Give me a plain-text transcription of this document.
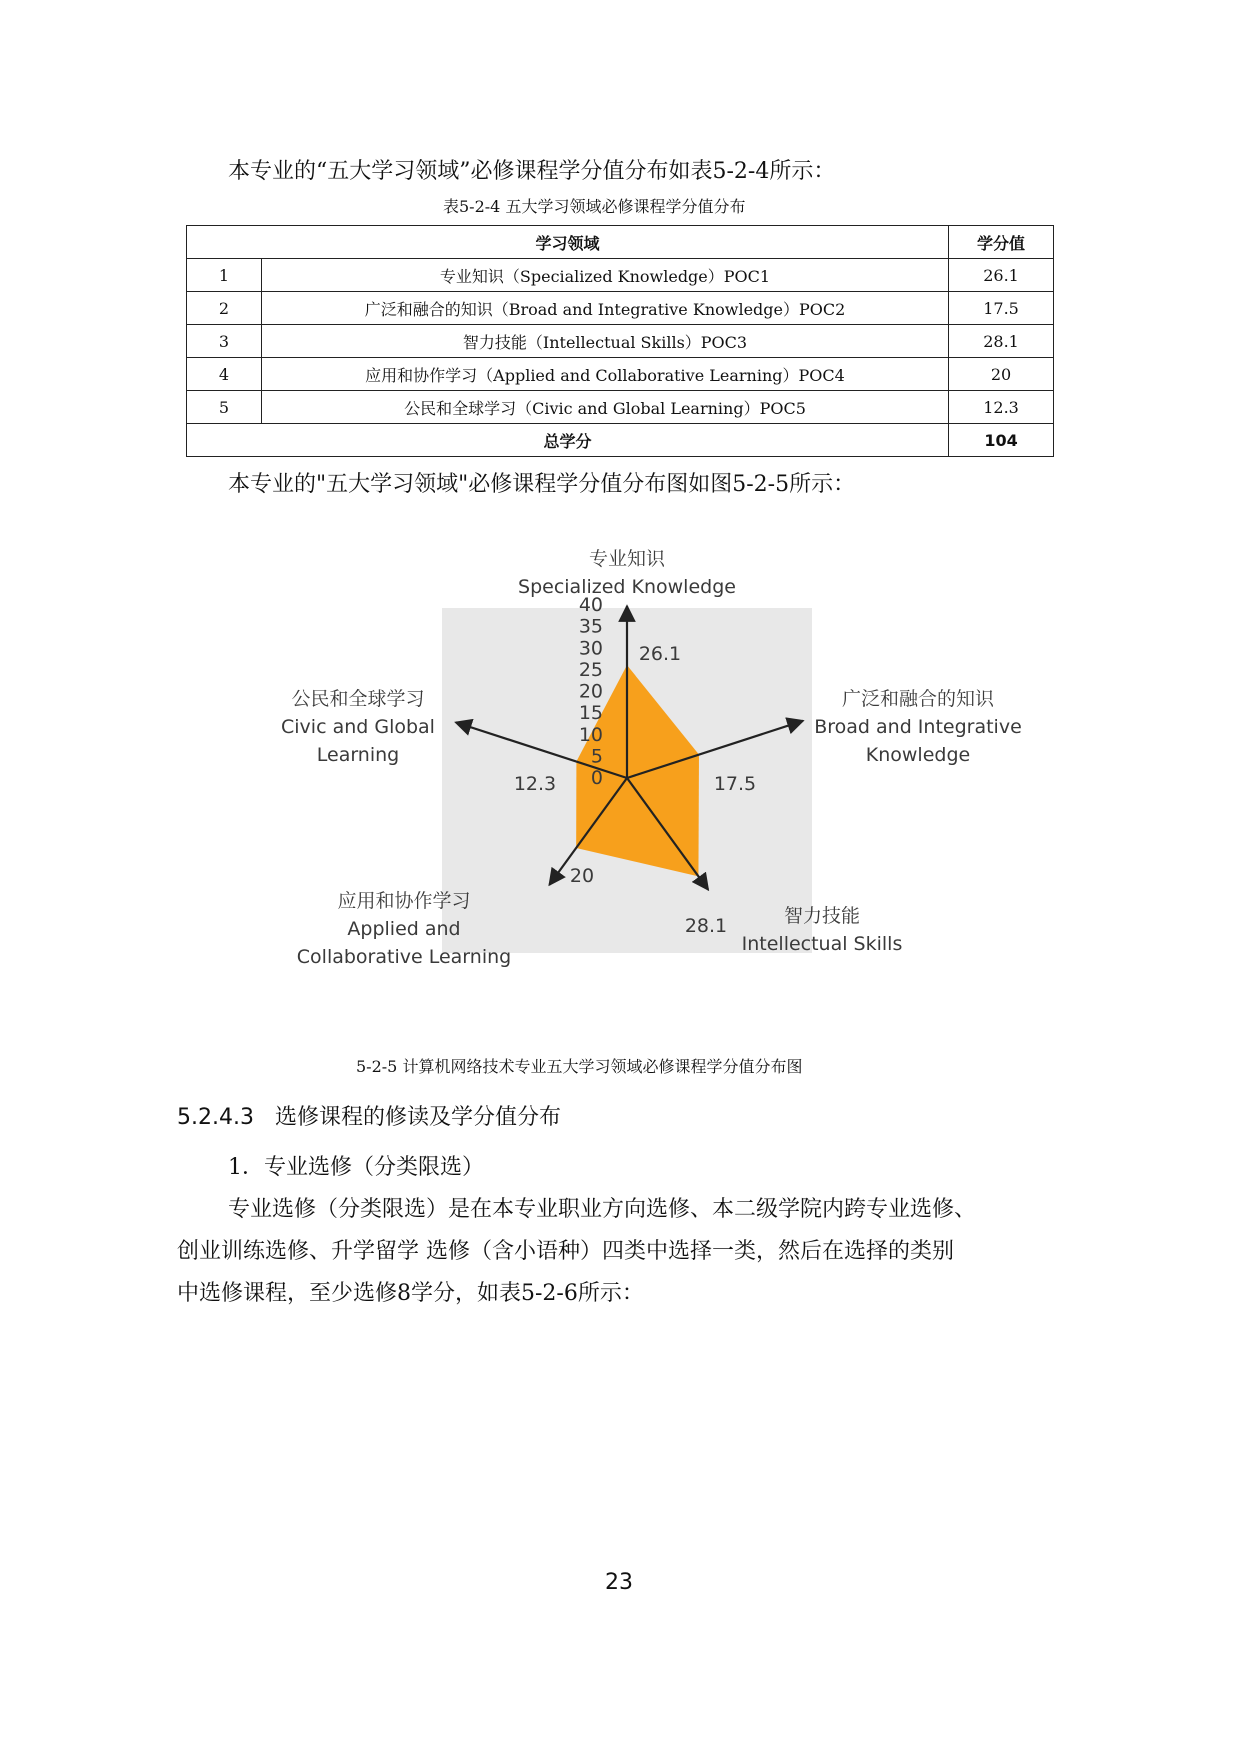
本专业的“五大学习领域”必修课程学分值分布如表5-2-4所示：
表5-2-4 五大学习领域必修课程学分值分布
学习领域		学分值
1	专业知识（Specialized Knowledge）POC1	26.1
2	广泛和融合的知识（Broad and Integrative Knowledge）POC2	17.5
3	智力技能（Intellectual Skills）POC3	28.1
4	应用和协作学习（Applied and Collaborative Learning）POC4	20
5	公民和全球学习（Civic and Global Learning）POC5	12.3
总学分		104
本专业的"五大学习领域"必修课程学分值分布图如图5-2-5所示：
40
35
30
25
20
15
10
5
0
26.1
17.5
28.1
20
12.3
专业知识
Specialized Knowledge
广泛和融合的知识
Broad and Integrative
Knowledge
智力技能
Intellectual Skills
应用和协作学习
Applied and
Collaborative Learning
公民和全球学习
Civic and Global
Learning
5-2-5 计算机网络技术专业五大学习领域必修课程学分值分布图
5.2.4.3 选修课程的修读及学分值分布
1．专业选修（分类限选）
专业选修（分类限选）是在本专业职业方向选修、本二级学院内跨专业选修、
创业训练选修、升学留学 选修（含小语种）四类中选择一类，然后在选择的类别
中选修课程，至少选修8学分，如表5-2-6所示：
23
